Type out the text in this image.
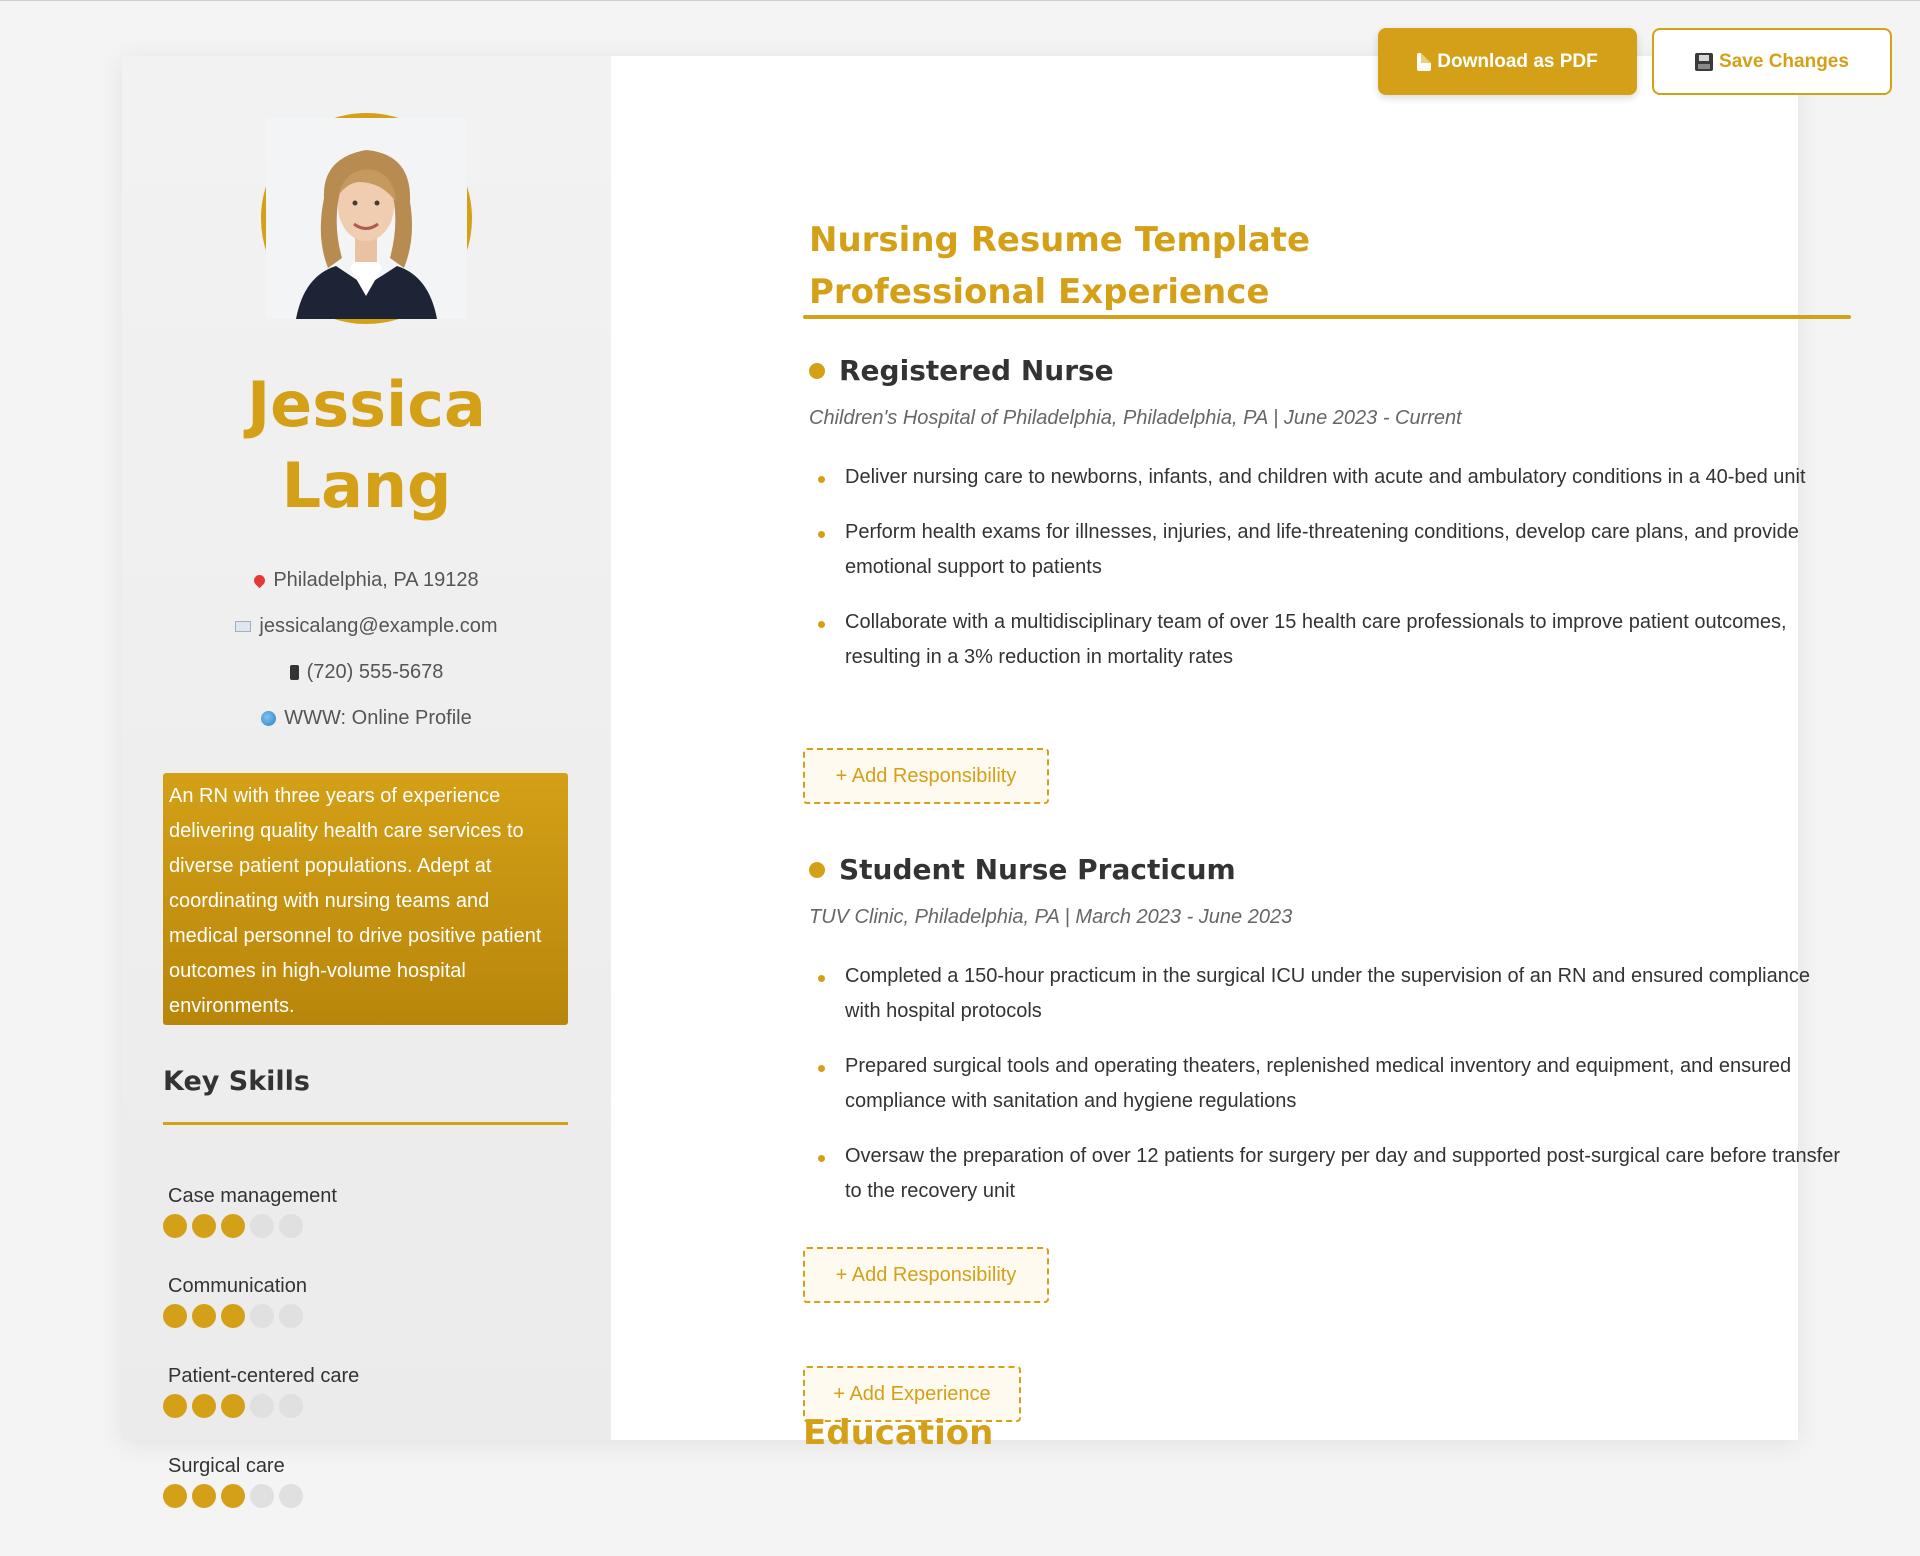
Jessica
Lang
Philadelphia, PA 19128
jessicalang@example.com
(720) 555-5678
WWW: Online Profile
An RN with three years of experience delivering quality health care services to diverse patient populations. Adept at coordinating with nursing teams and medical personnel to drive positive patient outcomes in high-volume hospital environments.
Key Skills
Case management
Communication
Patient-centered care
Surgical care
Nursing Resume Template
Professional Experience
Registered Nurse
Children's Hospital of Philadelphia, Philadelphia, PA | June 2023 - Current
Deliver nursing care to newborns, infants, and children with acute and ambulatory conditions in a 40-bed unit
Perform health exams for illnesses, injuries, and life-threatening conditions, develop care plans, and provide emotional support to patients
Collaborate with a multidisciplinary team of over 15 health care professionals to improve patient outcomes, resulting in a 3% reduction in mortality rates
+ Add Responsibility
Student Nurse Practicum
TUV Clinic, Philadelphia, PA | March 2023 - June 2023
Completed a 150-hour practicum in the surgical ICU under the supervision of an RN and ensured compliance with hospital protocols
Prepared surgical tools and operating theaters, replenished medical inventory and equipment, and ensured compliance with sanitation and hygiene regulations
Oversaw the preparation of over 12 patients for surgery per day and supported post-surgical care before transfer to the recovery unit
+ Add Responsibility
+ Add Experience
Education
Download as PDF	Save Changes
